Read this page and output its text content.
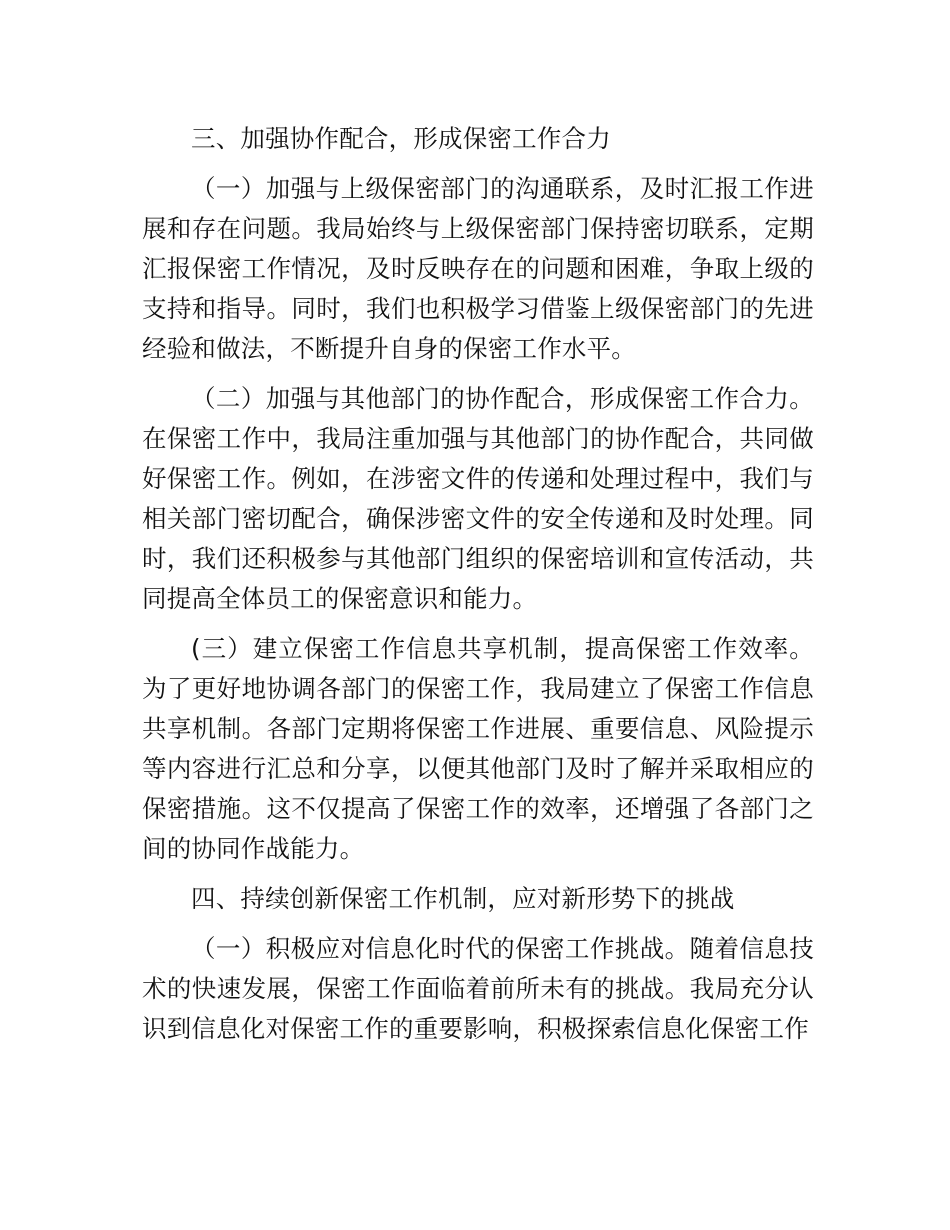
三、加强协作配合，形成保密工作合力

（一）加强与上级保密部门的沟通联系，及时汇报工作进展和存在问题。我局始终与上级保密部门保持密切联系，定期汇报保密工作情况，及时反映存在的问题和困难，争取上级的支持和指导。同时，我们也积极学习借鉴上级保密部门的先进经验和做法，不断提升自身的保密工作水平。

（二）加强与其他部门的协作配合，形成保密工作合力。在保密工作中，我局注重加强与其他部门的协作配合，共同做好保密工作。例如，在涉密文件的传递和处理过程中，我们与相关部门密切配合，确保涉密文件的安全传递和及时处理。同时，我们还积极参与其他部门组织的保密培训和宣传活动，共同提高全体员工的保密意识和能力。

(三）建立保密工作信息共享机制，提高保密工作效率。为了更好地协调各部门的保密工作，我局建立了保密工作信息共享机制。各部门定期将保密工作进展、重要信息、风险提示等内容进行汇总和分享，以便其他部门及时了解并采取相应的保密措施。这不仅提高了保密工作的效率，还增强了各部门之间的协同作战能力。

四、持续创新保密工作机制，应对新形势下的挑战

（一）积极应对信息化时代的保密工作挑战。随着信息技术的快速发展，保密工作面临着前所未有的挑战。我局充分认识到信息化对保密工作的重要影响，积极探索信息化保密工作
